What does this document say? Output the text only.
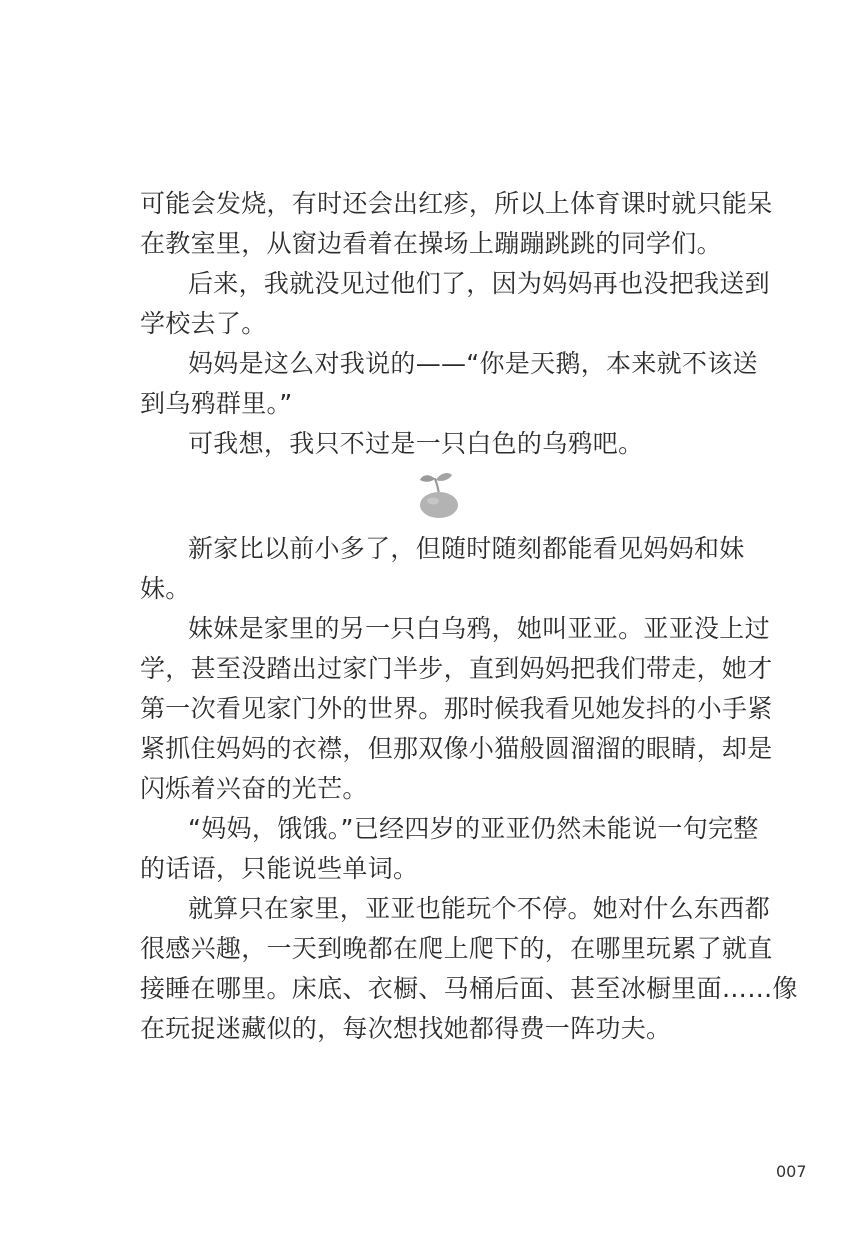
可能会发烧，有时还会出红疹，所以上体育课时就只能呆
在教室里，从窗边看着在操场上蹦蹦跳跳的同学们。
后来，我就没见过他们了，因为妈妈再也没把我送到
学校去了。
妈妈是这么对我说的——“你是天鹅，本来就不该送
到乌鸦群里。”
可我想，我只不过是一只白色的乌鸦吧。
新家比以前小多了，但随时随刻都能看见妈妈和妹
妹。
妹妹是家里的另一只白乌鸦，她叫亚亚。亚亚没上过
学，甚至没踏出过家门半步，直到妈妈把我们带走，她才
第一次看见家门外的世界。那时候我看见她发抖的小手紧
紧抓住妈妈的衣襟，但那双像小猫般圆溜溜的眼睛，却是
闪烁着兴奋的光芒。
“妈妈，饿饿。”已经四岁的亚亚仍然未能说一句完整
的话语，只能说些单词。
就算只在家里，亚亚也能玩个不停。她对什么东西都
很感兴趣，一天到晚都在爬上爬下的，在哪里玩累了就直
接睡在哪里。床底、衣橱、马桶后面、甚至冰橱里面……像
在玩捉迷藏似的，每次想找她都得费一阵功夫。
007
